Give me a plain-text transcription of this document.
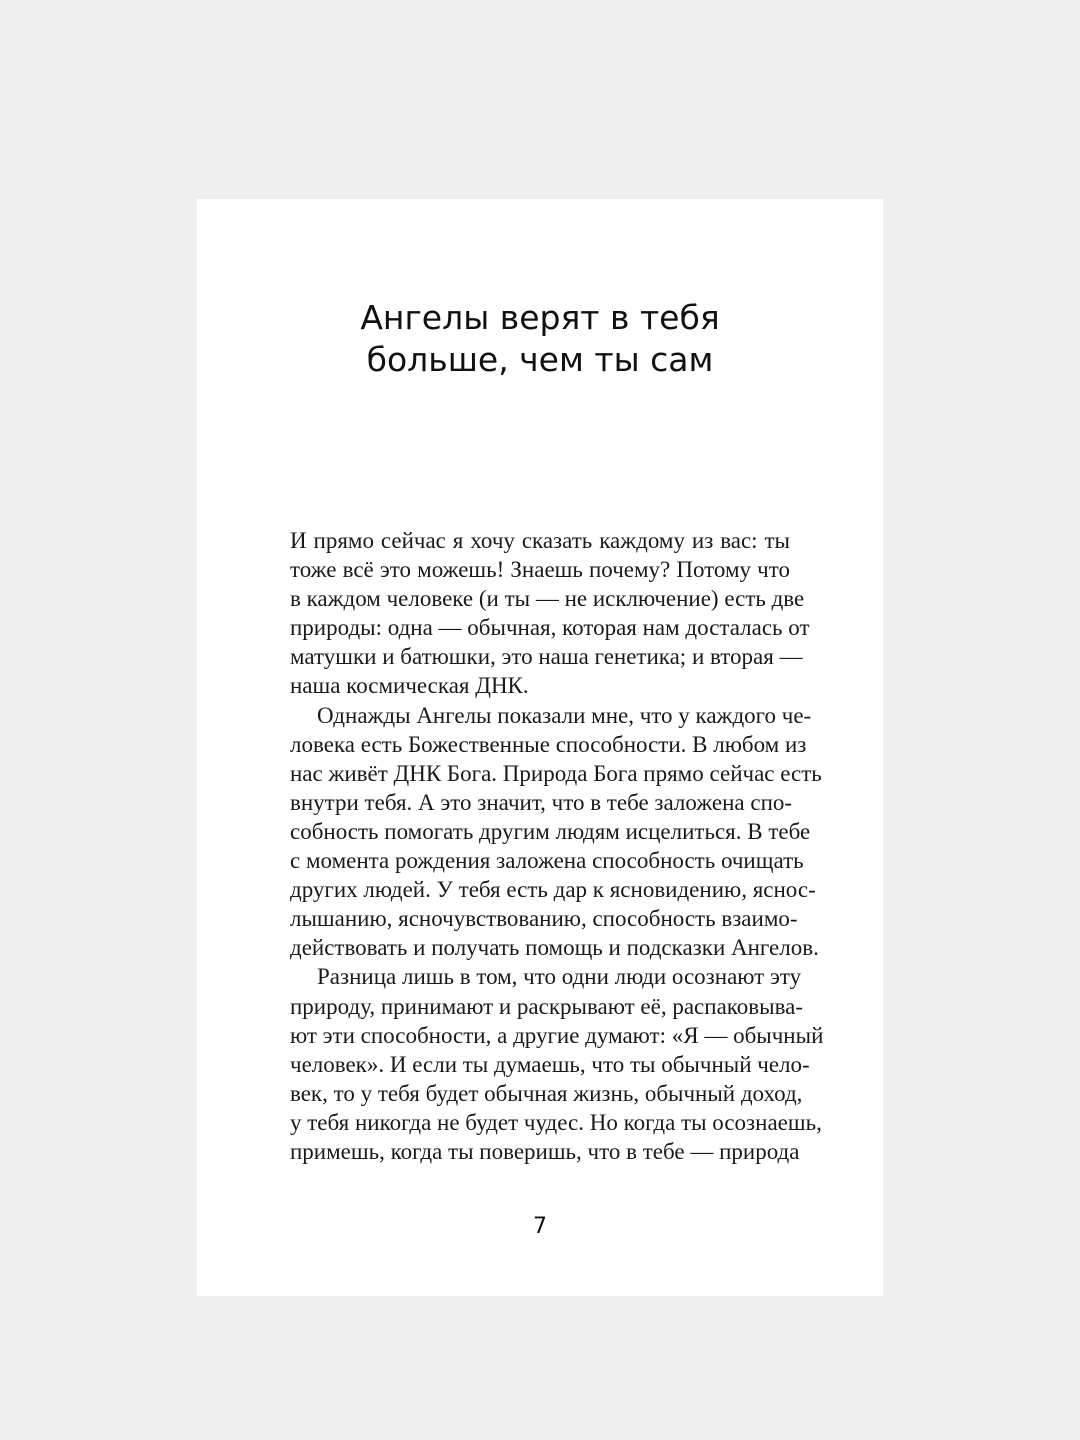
Ангелы верят в тебя
больше, чем ты сам

И прямо сейчас я хочу сказать каждому из вас: ты
тоже всё это можешь! Знаешь почему? Потому что
в каждом человеке (и ты — не исключение) есть две
природы: одна — обычная, которая нам досталась от
матушки и батюшки, это наша генетика; и вторая —
наша космическая ДНК.

Однажды Ангелы показали мне, что у каждого че-
ловека есть Божественные способности. В любом из
нас живёт ДНК Бога. Природа Бога прямо сейчас есть
внутри тебя. А это значит, что в тебе заложена спо-
собность помогать другим людям исцелиться. В тебе
с момента рождения заложена способность очищать
других людей. У тебя есть дар к ясновидению, яснос-
лышанию, ясночувствованию, способность взаимо-
действовать и получать помощь и подсказки Ангелов.

Разница лишь в том, что одни люди осознают эту
природу, принимают и раскрывают её, распаковыва-
ют эти способности, а другие думают: «Я — обычный
человек». И если ты думаешь, что ты обычный чело-
век, то у тебя будет обычная жизнь, обычный доход,
у тебя никогда не будет чудес. Но когда ты осознаешь,
примешь, когда ты поверишь, что в тебе — природа

7
